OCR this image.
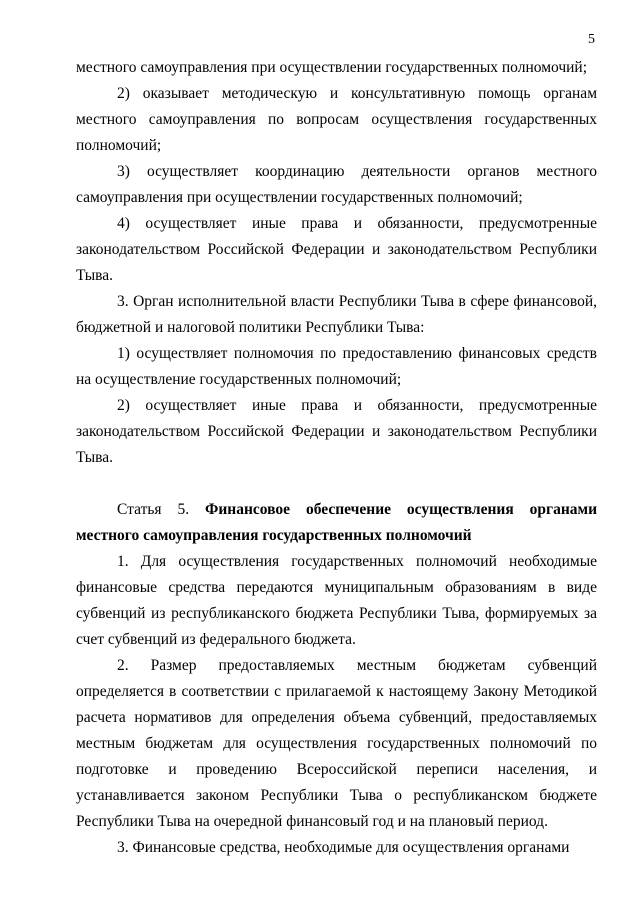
5

местного самоуправления при осуществлении государственных полномочий;

2) оказывает методическую и консультативную помощь органам местного самоуправления по вопросам осуществления государственных полномочий;

3) осуществляет координацию деятельности органов местного самоуправления при осуществлении государственных полномочий;

4) осуществляет иные права и обязанности, предусмотренные законодательством Российской Федерации и законодательством Республики Тыва.

3. Орган исполнительной власти Республики Тыва в сфере финансовой, бюджетной и налоговой политики Республики Тыва:

1) осуществляет полномочия по предоставлению финансовых средств на осуществление государственных полномочий;

2) осуществляет иные права и обязанности, предусмотренные законодательством Российской Федерации и законодательством Республики Тыва.

Статья 5. Финансовое обеспечение осуществления органами местного самоуправления государственных полномочий

1. Для осуществления государственных полномочий необходимые финансовые средства передаются муниципальным образованиям в виде субвенций из республиканского бюджета Республики Тыва, формируемых за счет субвенций из федерального бюджета.

2. Размер предоставляемых местным бюджетам субвенций определяется в соответствии с прилагаемой к настоящему Закону Методикой расчета нормативов для определения объема субвенций, предоставляемых местным бюджетам для осуществления государственных полномочий по подготовке и проведению Всероссийской переписи населения, и устанавливается законом Республики Тыва о республиканском бюджете Республики Тыва на очередной финансовый год и на плановый период.

3. Финансовые средства, необходимые для осуществления органами
